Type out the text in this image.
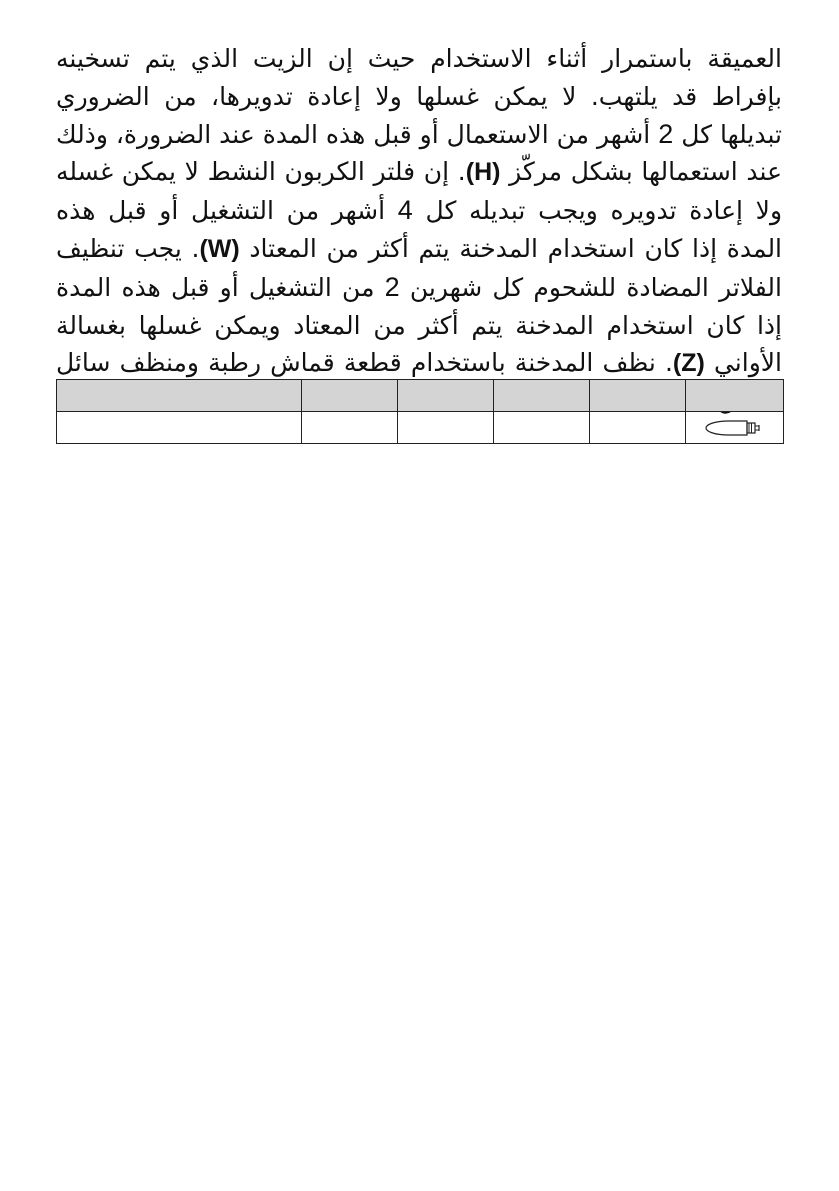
العميقة باستمرار أثناء الاستخدام حيث إن الزيت الذي يتم تسخينه بإفراط قد يلتهب. لا يمكن غسلها ولا إعادة تدويرها، من الضروري تبديلها كل 2 أشهر من الاستعمال أو قبل هذه المدة عند الضرورة، وذلك عند استعمالها بشكل مركّز (H). إن فلتر الكربون النشط لا يمكن غسله ولا إعادة تدويره ويجب تبديله كل 4 أشهر من التشغيل أو قبل هذه المدة إذا كان استخدام المدخنة يتم أكثر من المعتاد (W). يجب تنظيف الفلاتر المضادة للشحوم كل شهرين 2 من التشغيل أو قبل هذه المدة إذا كان استخدام المدخنة يتم أكثر من المعتاد ويمكن غسلها بغسالة الأواني (Z). نظف المدخنة باستخدام قطعة قماش رطبة ومنظف سائل
